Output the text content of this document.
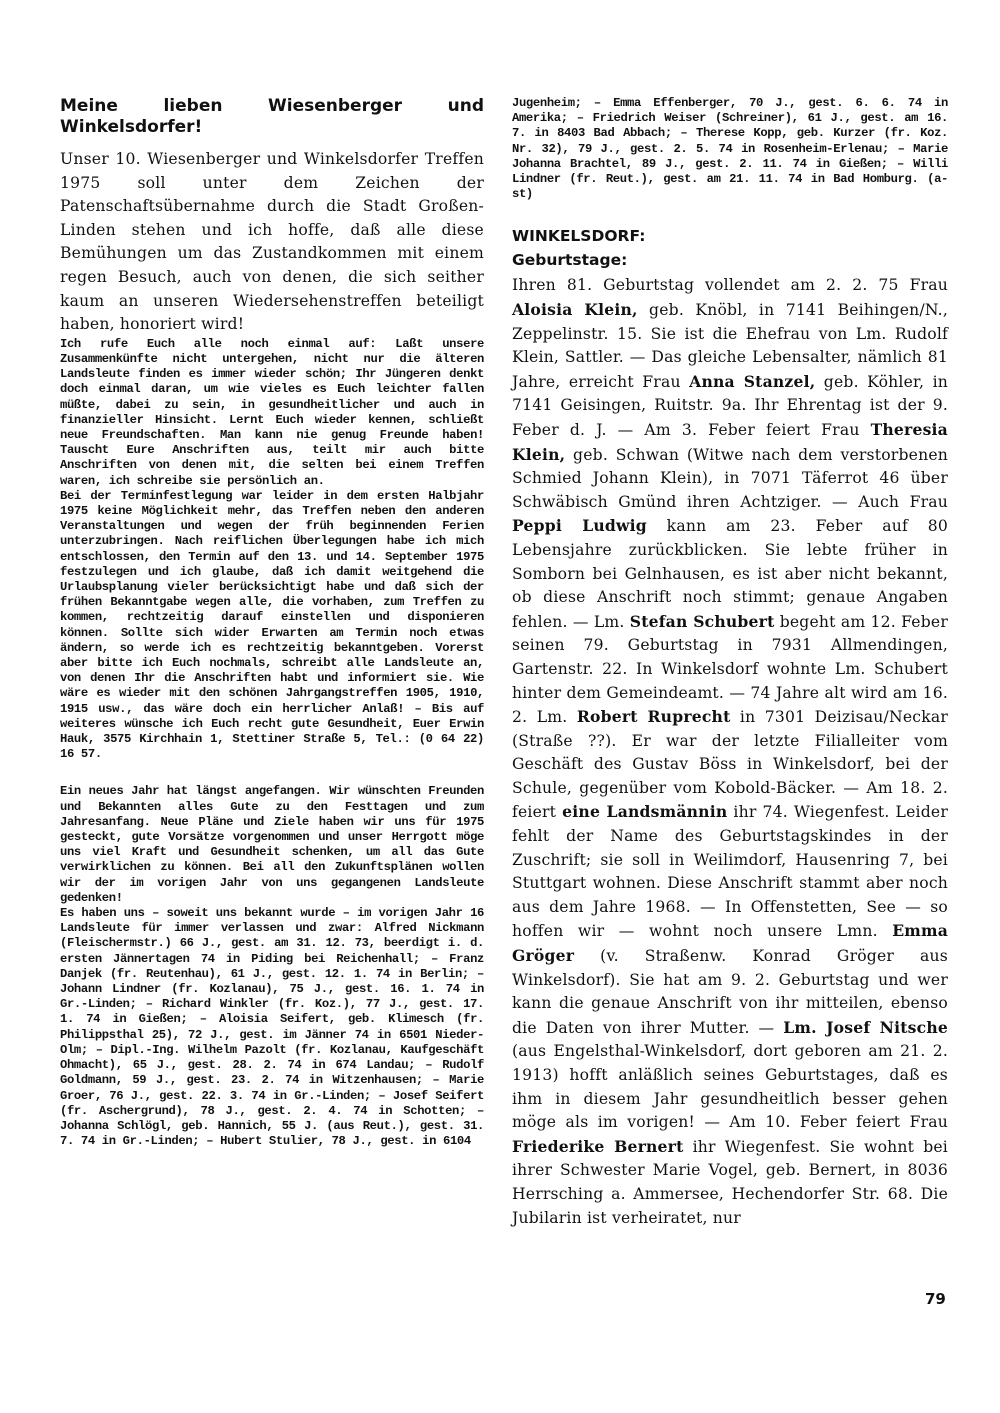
Meine lieben Wiesenberger und Winkelsdorfer!

Unser 10. Wiesenberger und Winkelsdorfer Treffen 1975 soll unter dem Zeichen der Patenschaftsübernahme durch die Stadt Großen-Linden stehen und ich hoffe, daß alle diese Bemühungen um das Zustandkommen mit einem regen Besuch, auch von denen, die sich seither kaum an unseren Wiedersehenstreffen beteiligt haben, honoriert wird!

Ich rufe Euch alle noch einmal auf: Laßt unsere Zusammenkünfte nicht untergehen, nicht nur die älteren Landsleute finden es immer wieder schön; Ihr Jüngeren denkt doch einmal daran, um wie vieles es Euch leichter fallen müßte, dabei zu sein, in gesundheitlicher und auch in finanzieller Hinsicht. Lernt Euch wieder kennen, schließt neue Freundschaften. Man kann nie genug Freunde haben! Tauscht Eure Anschriften aus, teilt mir auch bitte Anschriften von denen mit, die selten bei einem Treffen waren, ich schreibe sie persönlich an.

Bei der Terminfestlegung war leider in dem ersten Halbjahr 1975 keine Möglichkeit mehr, das Treffen neben den anderen Veranstaltungen und wegen der früh beginnenden Ferien unterzubringen. Nach reiflichen Überlegungen habe ich mich entschlossen, den Termin auf den 13. und 14. September 1975 festzulegen und ich glaube, daß ich damit weitgehend die Urlaubsplanung vieler berücksichtigt habe und daß sich der frühen Bekanntgabe wegen alle, die vorhaben, zum Treffen zu kommen, rechtzeitig darauf einstellen und disponieren können. Sollte sich wider Erwarten am Termin noch etwas ändern, so werde ich es rechtzeitig bekanntgeben. Vorerst aber bitte ich Euch nochmals, schreibt alle Landsleute an, von denen Ihr die Anschriften habt und informiert sie. Wie wäre es wieder mit den schönen Jahrgangstreffen 1905, 1910, 1915 usw., das wäre doch ein herrlicher Anlaß! – Bis auf weiteres wünsche ich Euch recht gute Gesundheit, Euer Erwin Hauk, 3575 Kirchhain 1, Stettiner Straße 5, Tel.: (0 64 22) 16 57.

Ein neues Jahr hat längst angefangen. Wir wünschten Freunden und Bekannten alles Gute zu den Festtagen und zum Jahresanfang. Neue Pläne und Ziele haben wir uns für 1975 gesteckt, gute Vorsätze vorgenommen und unser Herrgott möge uns viel Kraft und Gesundheit schenken, um all das Gute verwirklichen zu können. Bei all den Zukunftsplänen wollen wir der im vorigen Jahr von uns gegangenen Landsleute gedenken!

Es haben uns – soweit uns bekannt wurde – im vorigen Jahr 16 Landsleute für immer verlassen und zwar: Alfred Nickmann (Fleischermstr.) 66 J., gest. am 31. 12. 73, beerdigt i. d. ersten Jännertagen 74 in Piding bei Reichenhall; – Franz Danjek (fr. Reutenhau), 61 J., gest. 12. 1. 74 in Berlin; – Johann Lindner (fr. Kozlanau), 75 J., gest. 16. 1. 74 in Gr.-Linden; – Richard Winkler (fr. Koz.), 77 J., gest. 17. 1. 74 in Gießen; – Aloisia Seifert, geb. Klimesch (fr. Philippsthal 25), 72 J., gest. im Jänner 74 in 6501 Nieder-Olm; – Dipl.-Ing. Wilhelm Pazolt (fr. Kozlanau, Kaufgeschäft Ohmacht), 65 J., gest. 28. 2. 74 in 674 Landau; – Rudolf Goldmann, 59 J., gest. 23. 2. 74 in Witzenhausen; – Marie Groer, 76 J., gest. 22. 3. 74 in Gr.-Linden; – Josef Seifert (fr. Aschergrund), 78 J., gest. 2. 4. 74 in Schotten; – Johanna Schlögl, geb. Hannich, 55 J. (aus Reut.), gest. 31. 7. 74 in Gr.-Linden; – Hubert Stulier, 78 J., gest. in 6104

Jugenheim; – Emma Effenberger, 70 J., gest. 6. 6. 74 in Amerika; – Friedrich Weiser (Schreiner), 61 J., gest. am 16. 7. in 8403 Bad Abbach; – Therese Kopp, geb. Kurzer (fr. Koz. Nr. 32), 79 J., gest. 2. 5. 74 in Rosenheim-Erlenau; – Marie Johanna Brachtel, 89 J., gest. 2. 11. 74 in Gießen; – Willi Lindner (fr. Reut.), gest. am 21. 11. 74 in Bad Homburg. (a-st)

WINKELSDORF:
Geburtstage:

Ihren 81. Geburtstag vollendet am 2. 2. 75 Frau Aloisia Klein, geb. Knöbl, in 7141 Beihingen/N., Zeppelinstr. 15. Sie ist die Ehefrau von Lm. Rudolf Klein, Sattler. — Das gleiche Lebensalter, nämlich 81 Jahre, erreicht Frau Anna Stanzel, geb. Köhler, in 7141 Geisingen, Ruitstr. 9a. Ihr Ehrentag ist der 9. Feber d. J. — Am 3. Feber feiert Frau Theresia Klein, geb. Schwan (Witwe nach dem verstorbenen Schmied Johann Klein), in 7071 Täferrot 46 über Schwäbisch Gmünd ihren Achtziger. — Auch Frau Peppi Ludwig kann am 23. Feber auf 80 Lebensjahre zurückblicken. Sie lebte früher in Somborn bei Gelnhausen, es ist aber nicht bekannt, ob diese Anschrift noch stimmt; genaue Angaben fehlen. — Lm. Stefan Schubert begeht am 12. Feber seinen 79. Geburtstag in 7931 Allmendingen, Gartenstr. 22. In Winkelsdorf wohnte Lm. Schubert hinter dem Gemeindeamt. — 74 Jahre alt wird am 16. 2. Lm. Robert Ruprecht in 7301 Deizisau/Neckar (Straße ??). Er war der letzte Filialleiter vom Geschäft des Gustav Böss in Winkelsdorf, bei der Schule, gegenüber vom Kobold-Bäcker. — Am 18. 2. feiert eine Landsmännin ihr 74. Wiegenfest. Leider fehlt der Name des Geburtstagskindes in der Zuschrift; sie soll in Weilimdorf, Hausenring 7, bei Stuttgart wohnen. Diese Anschrift stammt aber noch aus dem Jahre 1968. — In Offenstetten, See — so hoffen wir — wohnt noch unsere Lmn. Emma Gröger (v. Straßenw. Konrad Gröger aus Winkelsdorf). Sie hat am 9. 2. Geburtstag und wer kann die genaue Anschrift von ihr mitteilen, ebenso die Daten von ihrer Mutter. — Lm. Josef Nitsche (aus Engelsthal-Winkelsdorf, dort geboren am 21. 2. 1913) hofft anläßlich seines Geburtstages, daß es ihm in diesem Jahr gesundheitlich besser gehen möge als im vorigen! — Am 10. Feber feiert Frau Friederike Bernert ihr Wiegenfest. Sie wohnt bei ihrer Schwester Marie Vogel, geb. Bernert, in 8036 Herrsching a. Ammersee, Hechendorfer Str. 68. Die Jubilarin ist verheiratet, nur

79
